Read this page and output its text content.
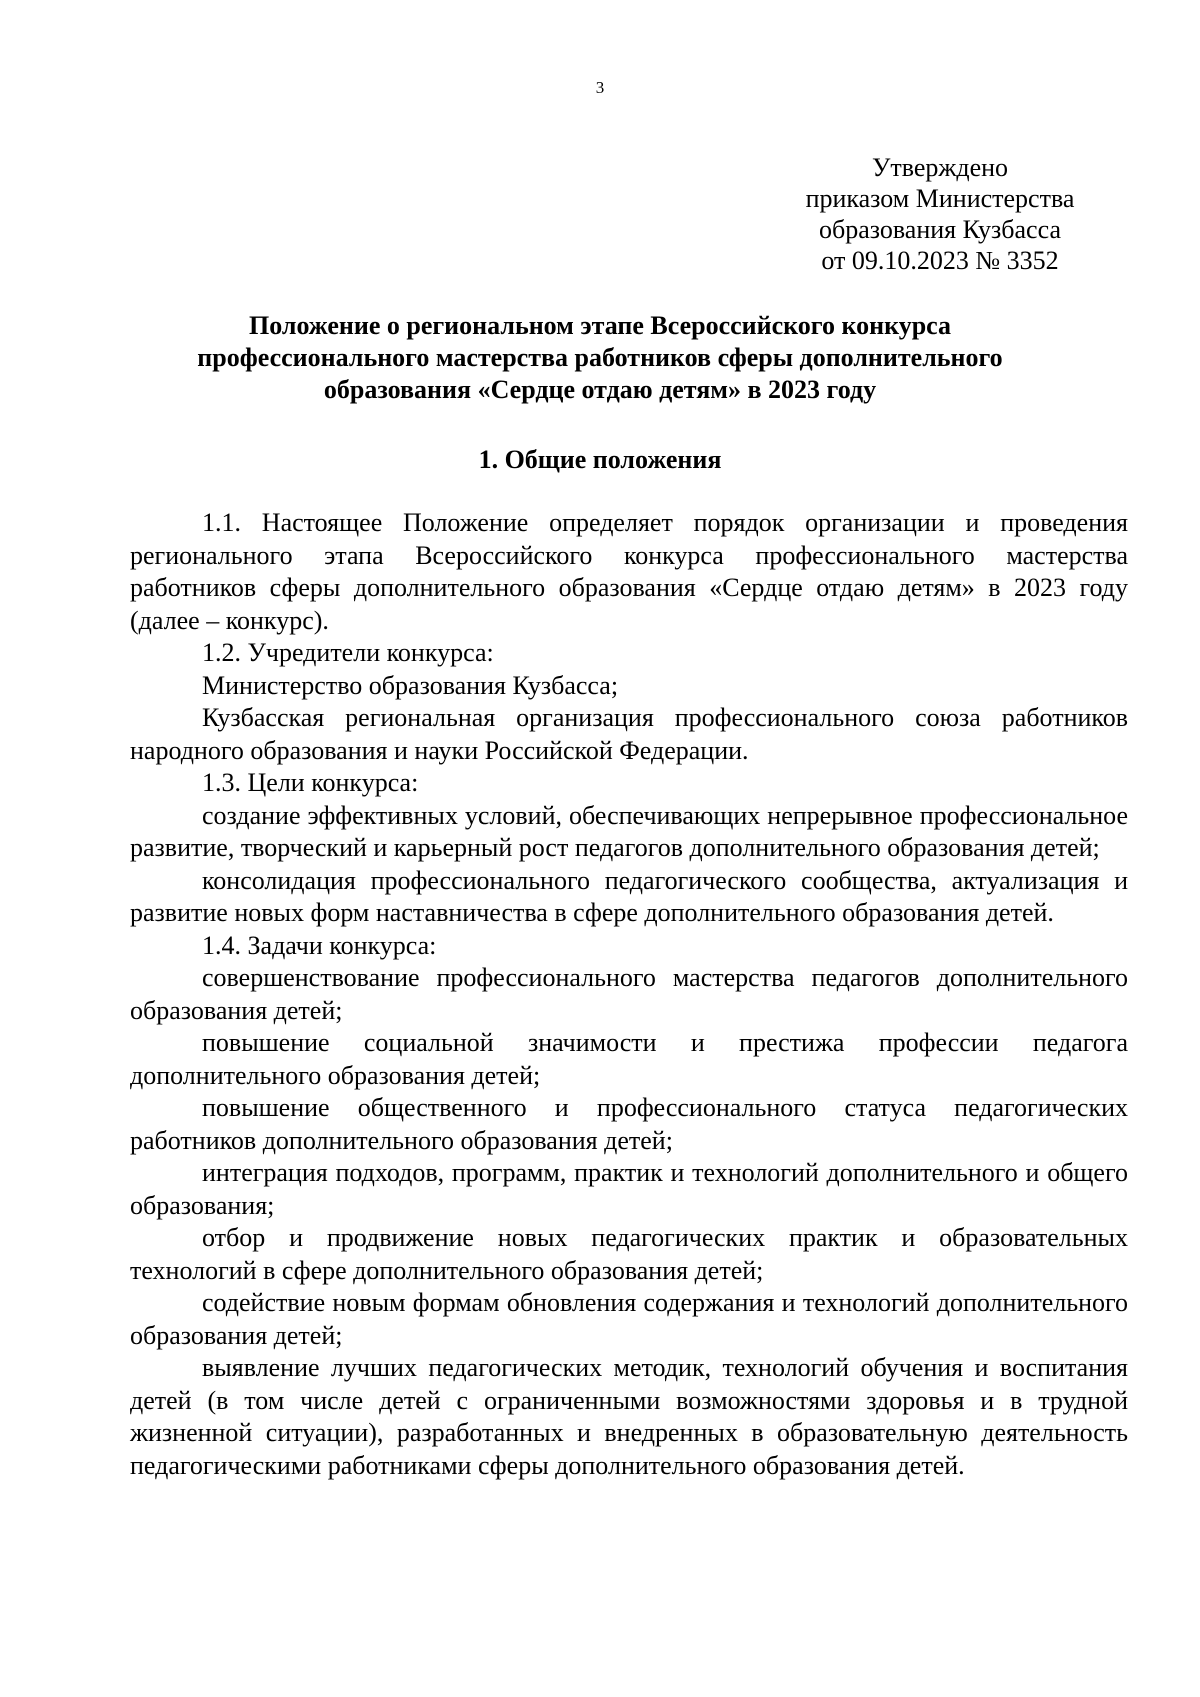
3
Утверждено
приказом Министерства
образования Кузбасса
от 09.10.2023 № 3352
Положение о региональном этапе Всероссийского конкурса
профессионального мастерства работников сферы дополнительного
образования «Сердце отдаю детям» в 2023 году
1. Общие положения

1.1. Настоящее Положение определяет порядок организации и проведения регионального этапа Всероссийского конкурса профессионального мастерства работников сферы дополнительного образования «Сердце отдаю детям» в 2023 году (далее – конкурс).

1.2. Учредители конкурса:

Министерство образования Кузбасса;

Кузбасская региональная организация профессионального союза работников народного образования и науки Российской Федерации.

1.3. Цели конкурса:

создание эффективных условий, обеспечивающих непрерывное профессиональное развитие, творческий и карьерный рост педагогов дополнительного образования детей;

консолидация профессионального педагогического сообщества, актуализация и развитие новых форм наставничества в сфере дополнительного образования детей.

1.4. Задачи конкурса:

совершенствование профессионального мастерства педагогов дополнительного образования детей;

повышение социальной значимости и престижа профессии педагога дополнительного образования детей;

повышение общественного и профессионального статуса педагогических работников дополнительного образования детей;

интеграция подходов, программ, практик и технологий дополнительного и общего образования;

отбор и продвижение новых педагогических практик и образовательных технологий в сфере дополнительного образования детей;

содействие новым формам обновления содержания и технологий дополнительного образования детей;

выявление лучших педагогических методик, технологий обучения и воспитания детей (в том числе детей с ограниченными возможностями здоровья и в трудной жизненной ситуации), разработанных и внедренных в образовательную деятельность педагогическими работниками сферы дополнительного образования детей.
